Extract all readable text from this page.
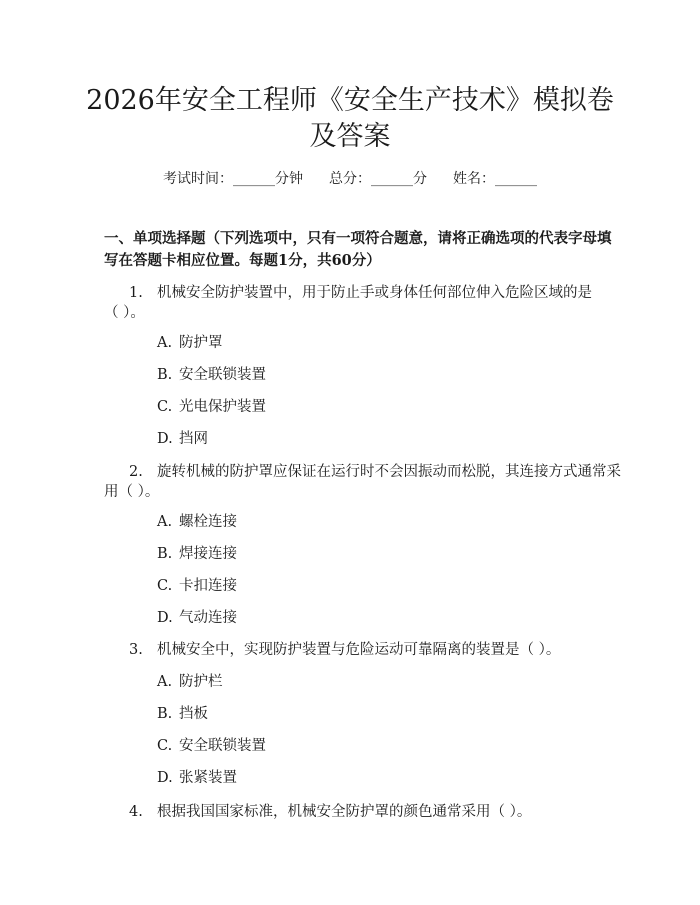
2026年安全工程师《安全生产技术》模拟卷
及答案
考试时间：______分钟 总分：______分 姓名：______
一、单项选择题（下列选项中，只有一项符合题意，请将正确选项的代表字母填
写在答题卡相应位置。每题1分，共60分）
1. 机械安全防护装置中，用于防止手或身体任何部位伸入危险区域的是
（ ）。
A. 防护罩
B. 安全联锁装置
C. 光电保护装置
D. 挡网
2. 旋转机械的防护罩应保证在运行时不会因振动而松脱，其连接方式通常采
用（ ）。
A. 螺栓连接
B. 焊接连接
C. 卡扣连接
D. 气动连接
3. 机械安全中，实现防护装置与危险运动可靠隔离的装置是（ ）。
A. 防护栏
B. 挡板
C. 安全联锁装置
D. 张紧装置
4. 根据我国国家标准，机械安全防护罩的颜色通常采用（ ）。
